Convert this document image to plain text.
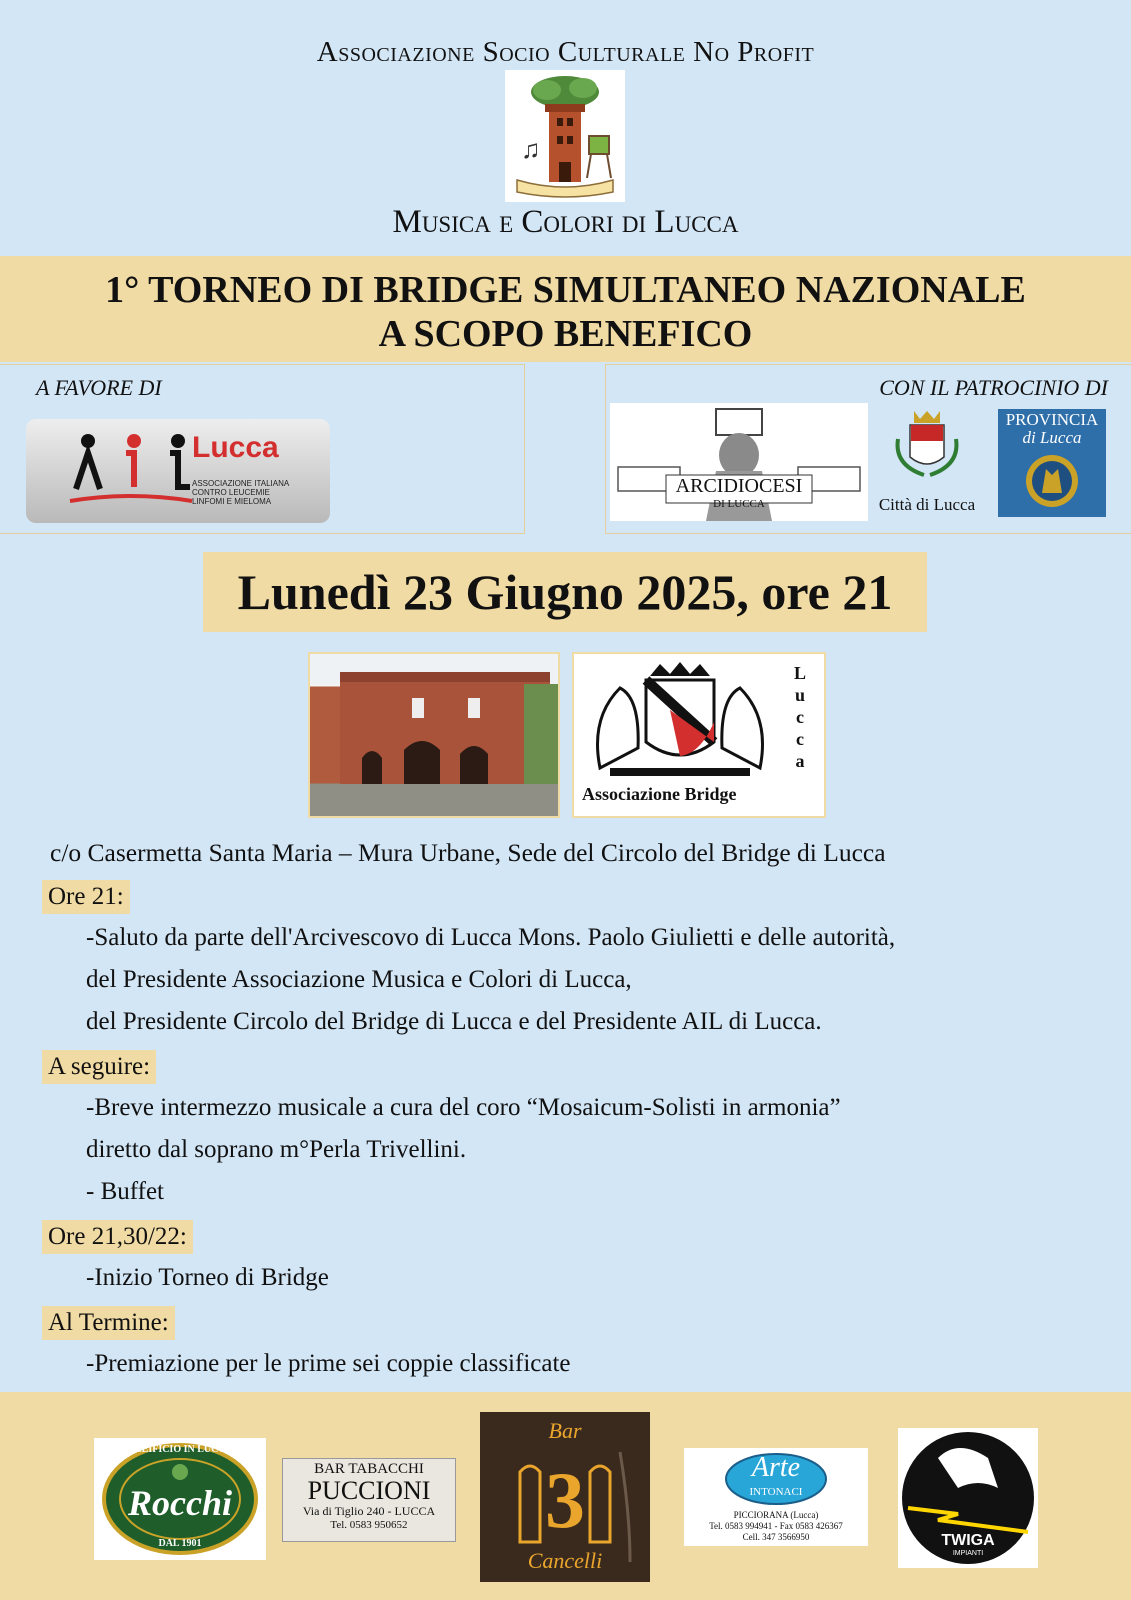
Associazione Socio Culturale No Profit
♫
Musica e Colori di Lucca
1° TORNEO DI BRIDGE SIMULTANEO NAZIONALE
A SCOPO BENEFICO
A FAVORE DI
Lucca
ASSOCIAZIONE ITALIANA
CONTRO LEUCEMIE
LINFOMI E MIELOMA
CON IL PATROCINIO DI
ARCIDIOCESI
DI LUCCA	Città di Lucca
PROVINCIA
di Lucca
Lunedì 23 Giugno 2025, ore 21
L
u
c
c
a
Associazione Bridge
c/o Casermetta Santa Maria – Mura Urbane, Sede del Circolo del Bridge di Lucca
Ore 21:
-Saluto da parte dell'Arcivescovo di Lucca Mons. Paolo Giulietti e delle autorità,
del Presidente Associazione Musica e Colori di Lucca,
del Presidente Circolo del Bridge di Lucca e del Presidente AIL di Lucca.
A seguire:
-Breve intermezzo musicale a cura del coro “Mosaicum-Solisti in armonia”
diretto dal soprano m°Perla Trivellini.
- Buffet
Ore 21,30/22:
-Inizio Torneo di Bridge
Al Termine:
-Premiazione per le prime sei coppie classificate
OLEIFICIO IN LUCCA
Rocchi
DAL 1901
BAR TABACCHI
PUCCIONI
Via di Tiglio 240 - LUCCA
Tel. 0583 950652
Bar
3
Cancelli
Arte
INTONACI
PICCIORANA (Lucca)
Tel. 0583 994941 - Fax 0583 426367
Cell. 347 3566950	TWIGA
IMPIANTI
